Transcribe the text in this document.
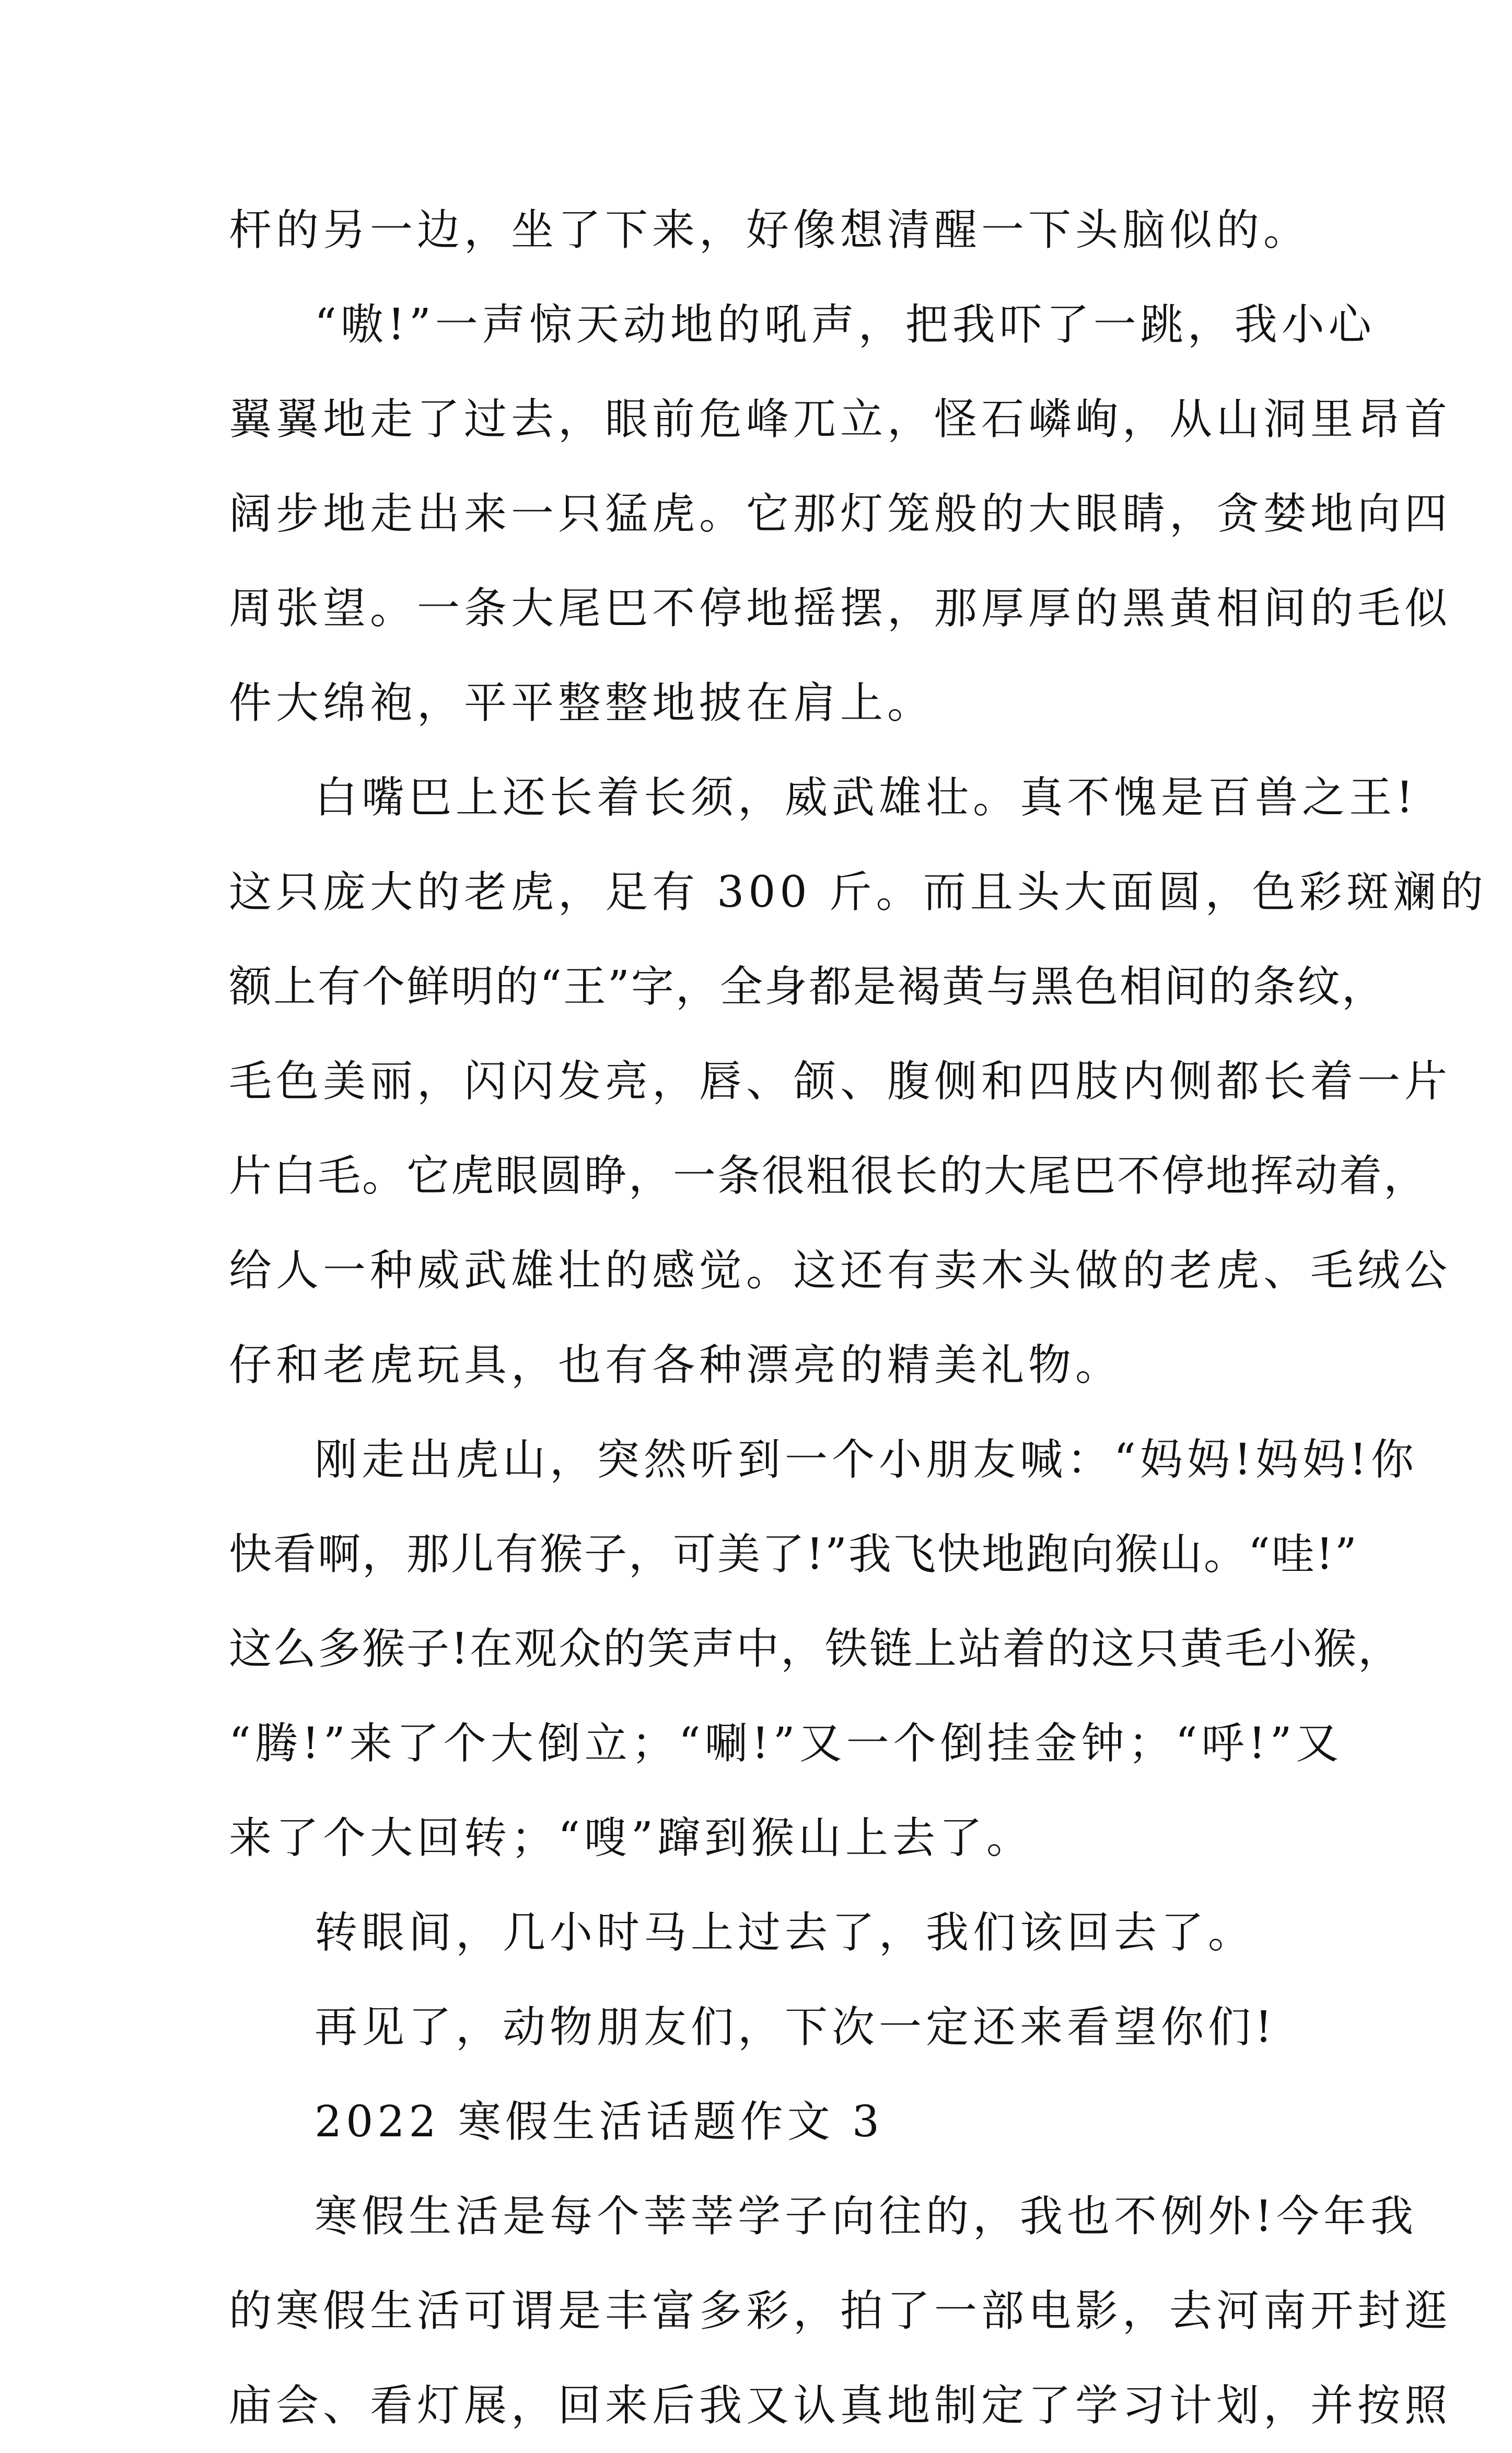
杆的另一边，坐了下来，好像想清醒一下头脑似的。
“嗷!”一声惊天动地的吼声，把我吓了一跳，我小心
翼翼地走了过去，眼前危峰兀立，怪石嶙峋，从山洞里昂首
阔步地走出来一只猛虎。它那灯笼般的大眼睛，贪婪地向四
周张望。一条大尾巴不停地摇摆，那厚厚的黑黄相间的毛似
件大绵袍，平平整整地披在肩上。
白嘴巴上还长着长须，威武雄壮。真不愧是百兽之王!
这只庞大的老虎，足有 300 斤。而且头大面圆，色彩斑斓的
额上有个鲜明的“王”字，全身都是褐黄与黑色相间的条纹，
毛色美丽，闪闪发亮，唇、颌、腹侧和四肢内侧都长着一片
片白毛。它虎眼圆睁，一条很粗很长的大尾巴不停地挥动着，
给人一种威武雄壮的感觉。这还有卖木头做的老虎、毛绒公
仔和老虎玩具，也有各种漂亮的精美礼物。
刚走出虎山，突然听到一个小朋友喊：“妈妈!妈妈!你
快看啊，那儿有猴子，可美了!”我飞快地跑向猴山。“哇!”
这么多猴子!在观众的笑声中，铁链上站着的这只黄毛小猴，
“腾!”来了个大倒立；“唰!”又一个倒挂金钟；“呼!”又
来了个大回转；“嗖”蹿到猴山上去了。
转眼间，几小时马上过去了，我们该回去了。
再见了，动物朋友们，下次一定还来看望你们!
2022 寒假生活话题作文 3
寒假生活是每个莘莘学子向往的，我也不例外!今年我
的寒假生活可谓是丰富多彩，拍了一部电影，去河南开封逛
庙会、看灯展，回来后我又认真地制定了学习计划，并按照
